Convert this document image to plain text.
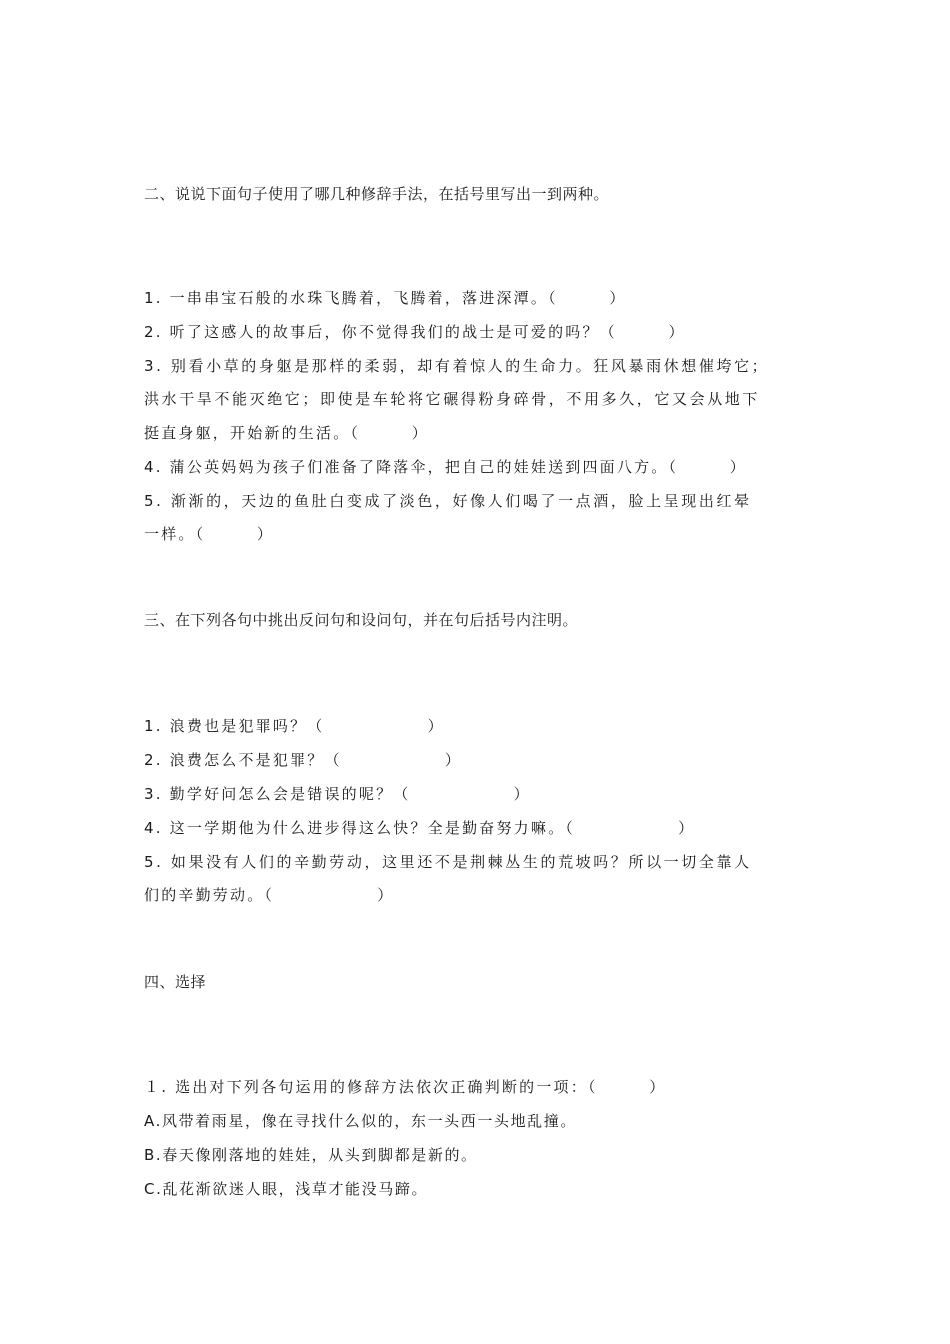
二、说说下面句子使用了哪几种修辞手法，在括号里写出一到两种。
1. 一串串宝石般的水珠飞腾着，飞腾着，落进深潭。（　　　）
2. 听了这感人的故事后，你不觉得我们的战士是可爱的吗？（　　　）
3. 别看小草的身躯是那样的柔弱，却有着惊人的生命力。狂风暴雨休想催垮它；
洪水干旱不能灭绝它；即使是车轮将它碾得粉身碎骨，不用多久，它又会从地下
挺直身躯，开始新的生活。（　　　）
4. 蒲公英妈妈为孩子们准备了降落伞，把自己的娃娃送到四面八方。（　　　）
5. 渐渐的，天边的鱼肚白变成了淡色，好像人们喝了一点酒，脸上呈现出红晕
一样。（　　　）
三、在下列各句中挑出反问句和设问句，并在句后括号内注明。
1. 浪费也是犯罪吗？（　　　　　　）
2. 浪费怎么不是犯罪？（　　　　　　）
3. 勤学好问怎么会是错误的呢？（　　　　　　）
4. 这一学期他为什么进步得这么快？全是勤奋努力嘛。（　　　　　　）
5. 如果没有人们的辛勤劳动，这里还不是荆棘丛生的荒坡吗？所以一切全靠人
们的辛勤劳动。（　　　　　　）
四、选择
１. 选出对下列各句运用的修辞方法依次正确判断的一项：（　　　）
A.风带着雨星，像在寻找什么似的，东一头西一头地乱撞。
B.春天像刚落地的娃娃，从头到脚都是新的。
C.乱花渐欲迷人眼，浅草才能没马蹄。
